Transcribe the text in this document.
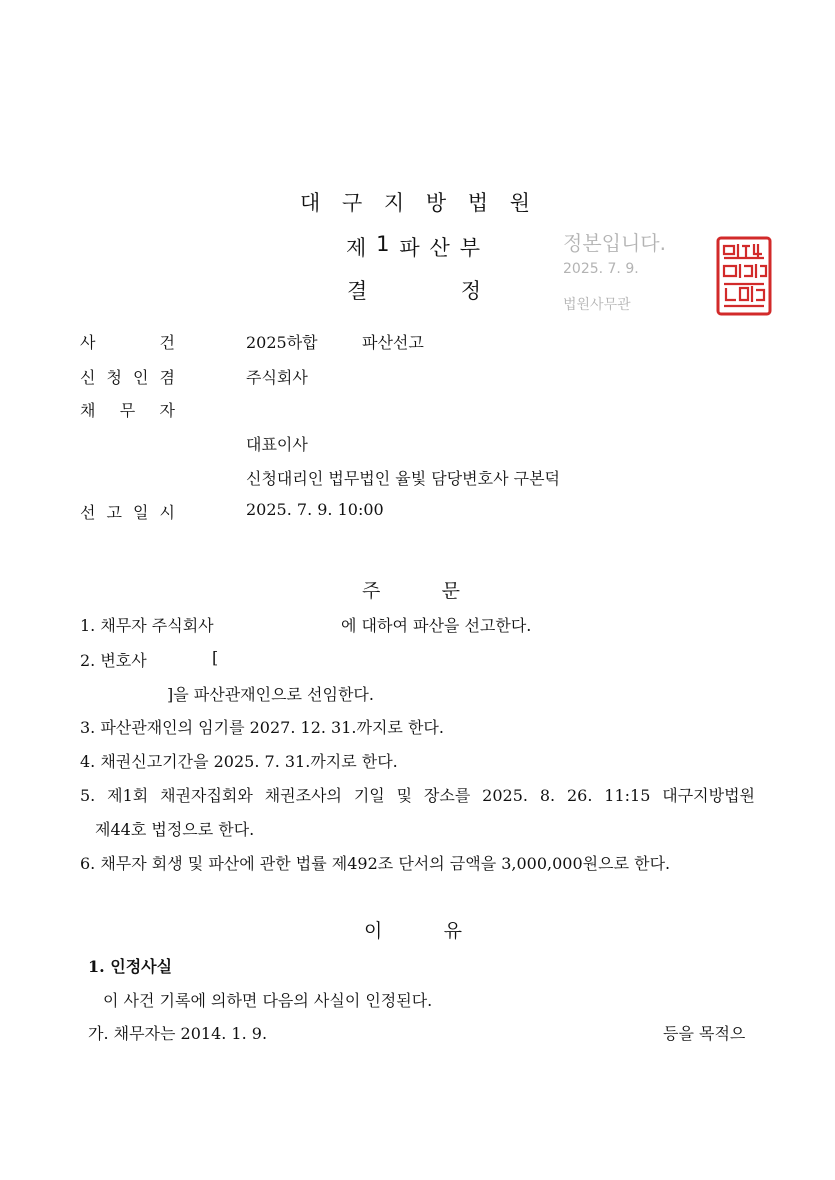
대 구 지 방 법 원
제 1 파 산 부
결	정
정본입니다.
2025. 7. 9.
법원사무관
사	건	2025하합	파산선고
신 청 인 겸	주식회사
채 무 자
대표이사
신청대리인 법무법인 율빛 담당변호사 구본덕
선 고 일 시	2025. 7. 9. 10:00
주	문
1. 채무자 주식회사	에 대하여 파산을 선고한다.
2. 변호사	[
]을 파산관재인으로 선임한다.
3. 파산관재인의 임기를 2027. 12. 31.까지로 한다.
4. 채권신고기간을 2025. 7. 31.까지로 한다.
5. 제1회 채권자집회와 채권조사의 기일 및 장소를 2025. 8. 26. 11:15 대구지방법원
제44호 법정으로 한다.
6. 채무자 회생 및 파산에 관한 법률 제492조 단서의 금액을 3,000,000원으로 한다.
이	유
1. 인정사실
이 사건 기록에 의하면 다음의 사실이 인정된다.
가. 채무자는 2014. 1. 9.	등을 목적으
